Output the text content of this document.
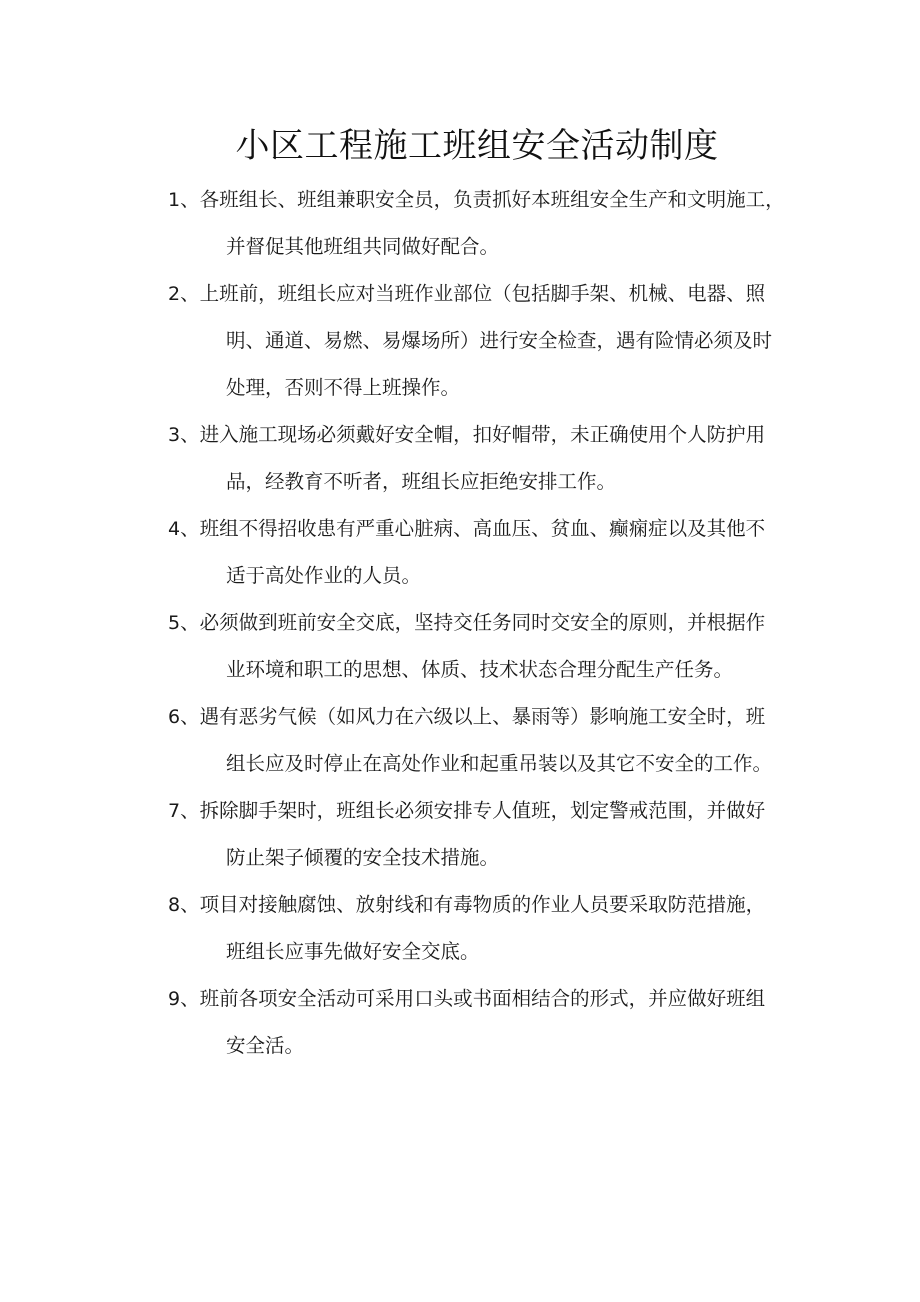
小区工程施工班组安全活动制度
1、各班组长、班组兼职安全员，负责抓好本班组安全生产和文明施工，
并督促其他班组共同做好配合。
2、上班前，班组长应对当班作业部位（包括脚手架、机械、电器、照
明、通道、易燃、易爆场所）进行安全检查，遇有险情必须及时
处理，否则不得上班操作。
3、进入施工现场必须戴好安全帽，扣好帽带，未正确使用个人防护用
品，经教育不听者，班组长应拒绝安排工作。
4、班组不得招收患有严重心脏病、高血压、贫血、癫痫症以及其他不
适于高处作业的人员。
5、必须做到班前安全交底，坚持交任务同时交安全的原则，并根据作
业环境和职工的思想、体质、技术状态合理分配生产任务。
6、遇有恶劣气候（如风力在六级以上、暴雨等）影响施工安全时，班
组长应及时停止在高处作业和起重吊装以及其它不安全的工作。
7、拆除脚手架时，班组长必须安排专人值班，划定警戒范围，并做好
防止架子倾覆的安全技术措施。
8、项目对接触腐蚀、放射线和有毒物质的作业人员要采取防范措施，
班组长应事先做好安全交底。
9、班前各项安全活动可采用口头或书面相结合的形式，并应做好班组
安全活。
